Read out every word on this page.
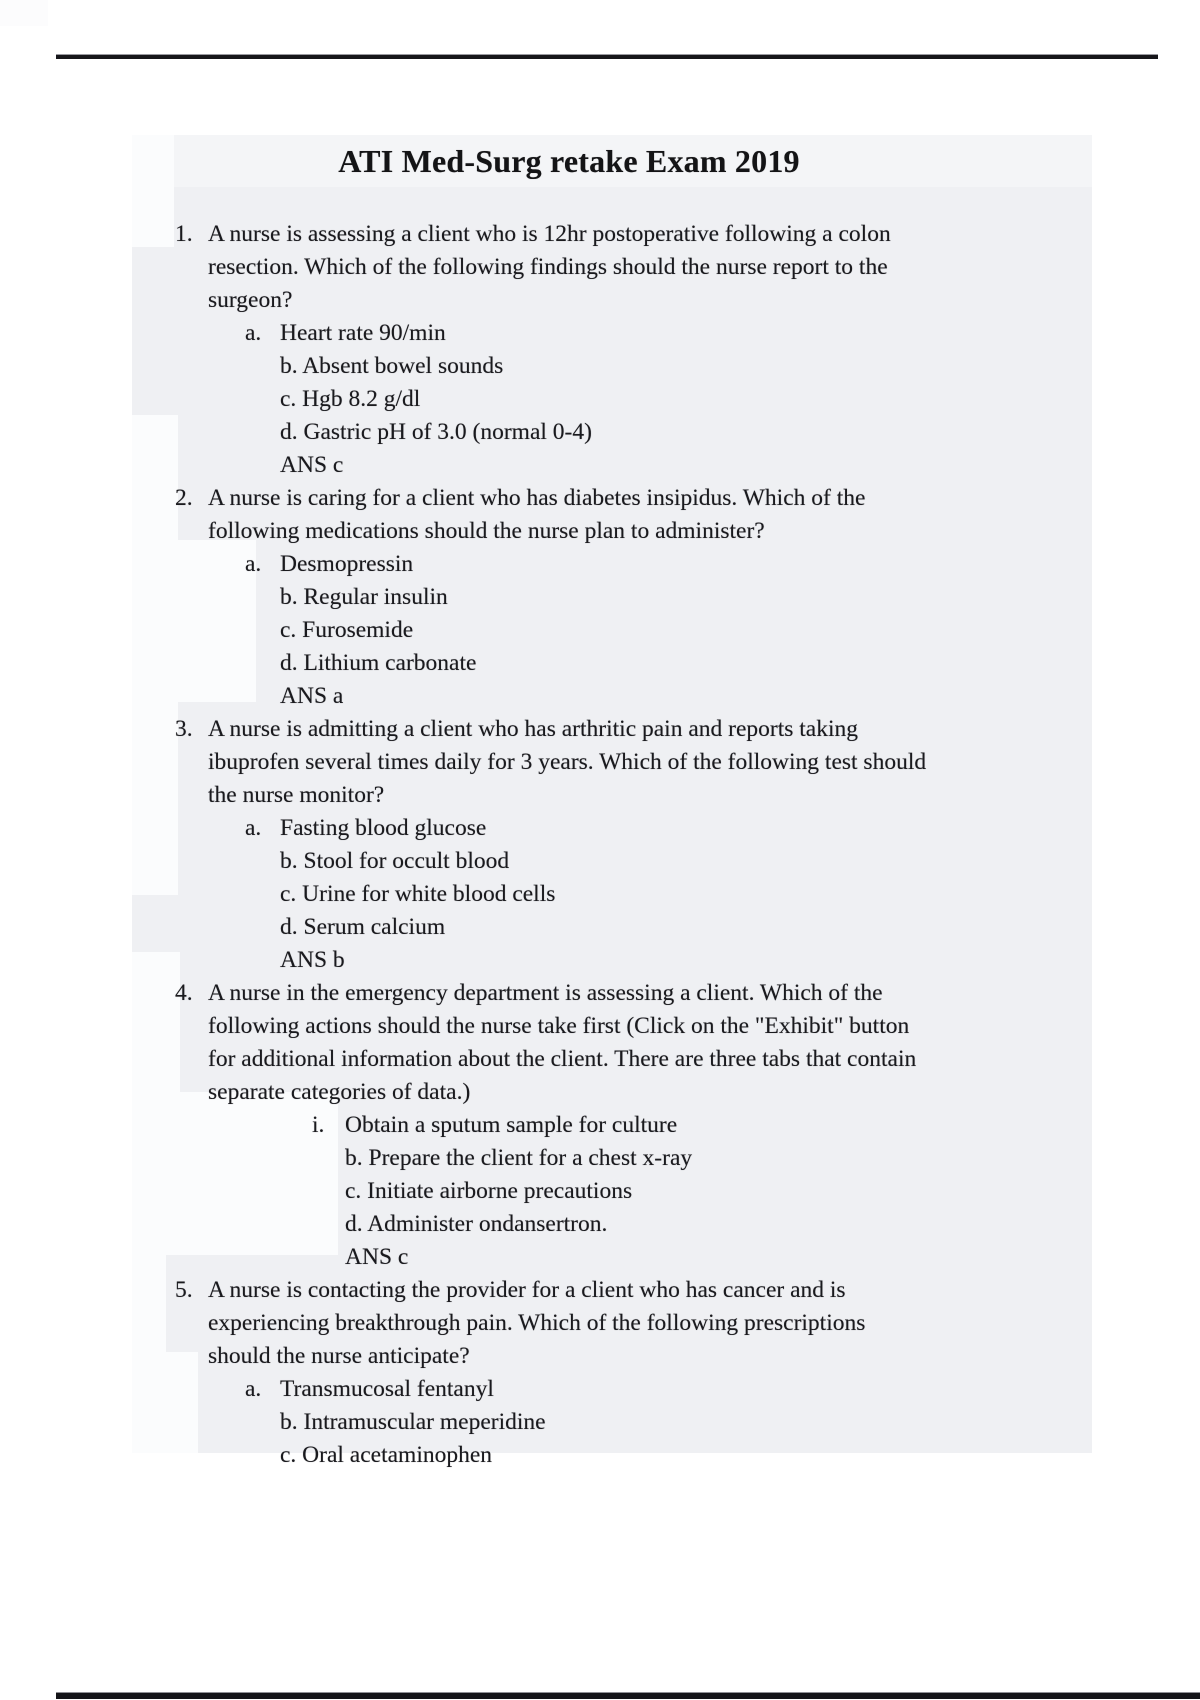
ATI Med-Surg retake Exam 2019
1. A nurse is assessing a client who is 12hr postoperative following a colon
resection. Which of the following findings should the nurse report to the
surgeon?
a. Heart rate 90/min
b. Absent bowel sounds
c. Hgb 8.2 g/dl
d. Gastric pH of 3.0 (normal 0-4)
ANS c
2. A nurse is caring for a client who has diabetes insipidus. Which of the
following medications should the nurse plan to administer?
a. Desmopressin
b. Regular insulin
c. Furosemide
d. Lithium carbonate
ANS a
3. A nurse is admitting a client who has arthritic pain and reports taking
ibuprofen several times daily for 3 years. Which of the following test should
the nurse monitor?
a. Fasting blood glucose
b. Stool for occult blood
c. Urine for white blood cells
d. Serum calcium
ANS b
4. A nurse in the emergency department is assessing a client. Which of the
following actions should the nurse take first (Click on the "Exhibit" button
for additional information about the client. There are three tabs that contain
separate categories of data.)
i. Obtain a sputum sample for culture
b. Prepare the client for a chest x-ray
c. Initiate airborne precautions
d. Administer ondansertron.
ANS c
5. A nurse is contacting the provider for a client who has cancer and is
experiencing breakthrough pain. Which of the following prescriptions
should the nurse anticipate?
a. Transmucosal fentanyl
b. Intramuscular meperidine
c. Oral acetaminophen
